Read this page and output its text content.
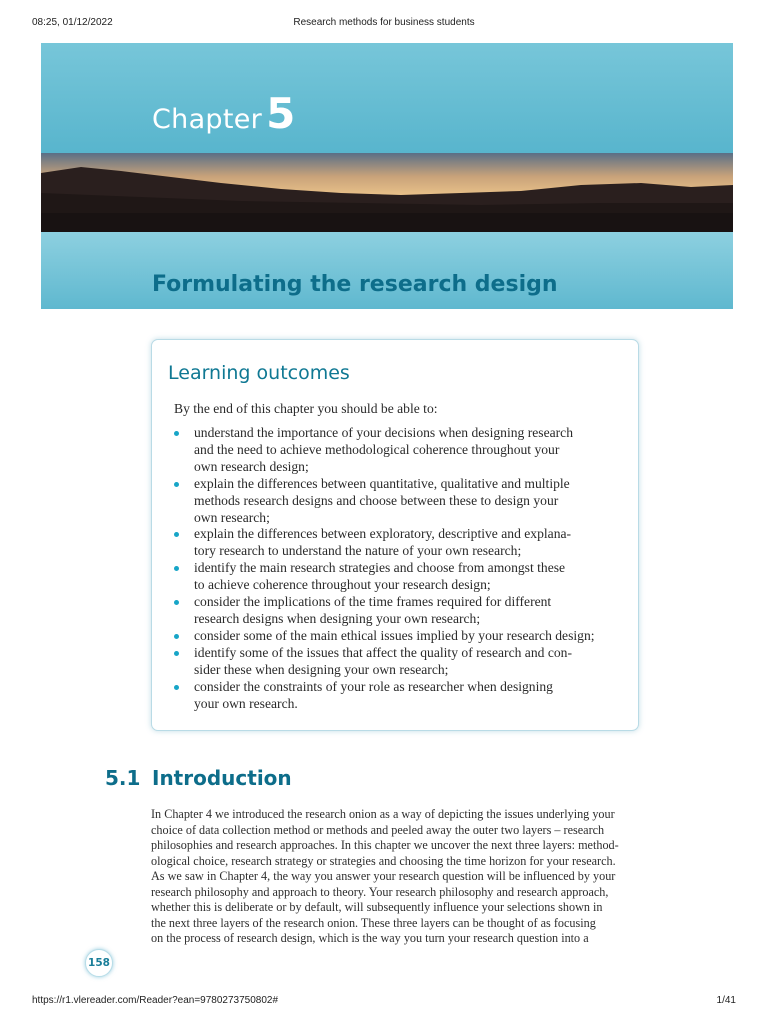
08:25, 01/12/2022	Research methods for business students
Chapter5
Formulating the research design
Learning outcomes
By the end of this chapter you should be able to:
understand the importance of your decisions when designing research
and the need to achieve methodological coherence throughout your
own research design;
explain the differences between quantitative, qualitative and multiple
methods research designs and choose between these to design your
own research;
explain the differences between exploratory, descriptive and explana-
tory research to understand the nature of your own research;
identify the main research strategies and choose from amongst these
to achieve coherence throughout your research design;
consider the implications of the time frames required for different
research designs when designing your own research;
consider some of the main ethical issues implied by your research design;
identify some of the issues that affect the quality of research and con-
sider these when designing your own research;
consider the constraints of your role as researcher when designing
your own research.
5.1 Introduction
In Chapter 4 we introduced the research onion as a way of depicting the issues underlying your
choice of data collection method or methods and peeled away the outer two layers – research
philosophies and research approaches. In this chapter we uncover the next three layers: method-
ological choice, research strategy or strategies and choosing the time horizon for your research.
As we saw in Chapter 4, the way you answer your research question will be influenced by your
research philosophy and approach to theory. Your research philosophy and research approach,
whether this is deliberate or by default, will subsequently influence your selections shown in
the next three layers of the research onion. These three layers can be thought of as focusing
on the process of research design, which is the way you turn your research question into a
158
https://r1.vlereader.com/Reader?ean=9780273750802#	1/41
